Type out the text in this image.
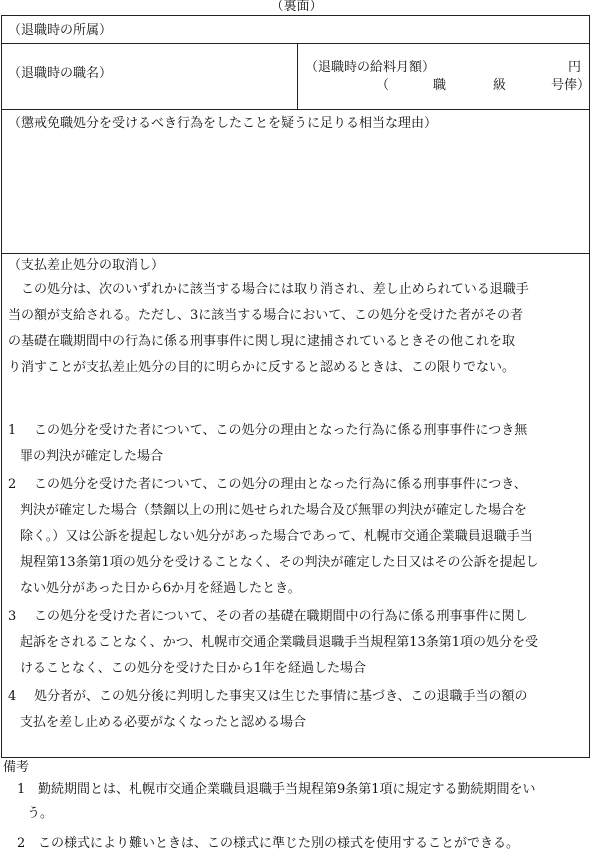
（裏面）
（退職時の所属）
（退職時の職名）	（退職時の給料月額）	円
（	職	級	号俸）
（懲戒免職処分を受けるべき行為をしたことを疑うに足りる相当な理由）
（支払差止処分の取消し）
　この処分は、次のいずれかに該当する場合には取り消され、差し止められている退職手
当の額が支給される。ただし、3に該当する場合において、この処分を受けた者がその者
の基礎在職期間中の行為に係る刑事事件に関し現に逮捕されているときその他これを取
り消すことが支払差止処分の目的に明らかに反すると認めるときは、この限りでない。
1 この処分を受けた者について、この処分の理由となった行為に係る刑事事件につき無
罪の判決が確定した場合
2 この処分を受けた者について、この処分の理由となった行為に係る刑事事件につき、
判決が確定した場合（禁錮以上の刑に処せられた場合及び無罪の判決が確定した場合を
除く。）又は公訴を提起しない処分があった場合であって、札幌市交通企業職員退職手当
規程第13条第1項の処分を受けることなく、その判決が確定した日又はその公訴を提起し
ない処分があった日から6か月を経過したとき。
3 この処分を受けた者について、その者の基礎在職期間中の行為に係る刑事事件に関し
起訴をされることなく、かつ、札幌市交通企業職員退職手当規程第13条第1項の処分を受
けることなく、この処分を受けた日から1年を経過した場合
4 処分者が、この処分後に判明した事実又は生じた事情に基づき、この退職手当の額の
支払を差し止める必要がなくなったと認める場合
備考
1 勤続期間とは、札幌市交通企業職員退職手当規程第9条第1項に規定する勤続期間をい
う。
2 この様式により難いときは、この様式に準じた別の様式を使用することができる。
